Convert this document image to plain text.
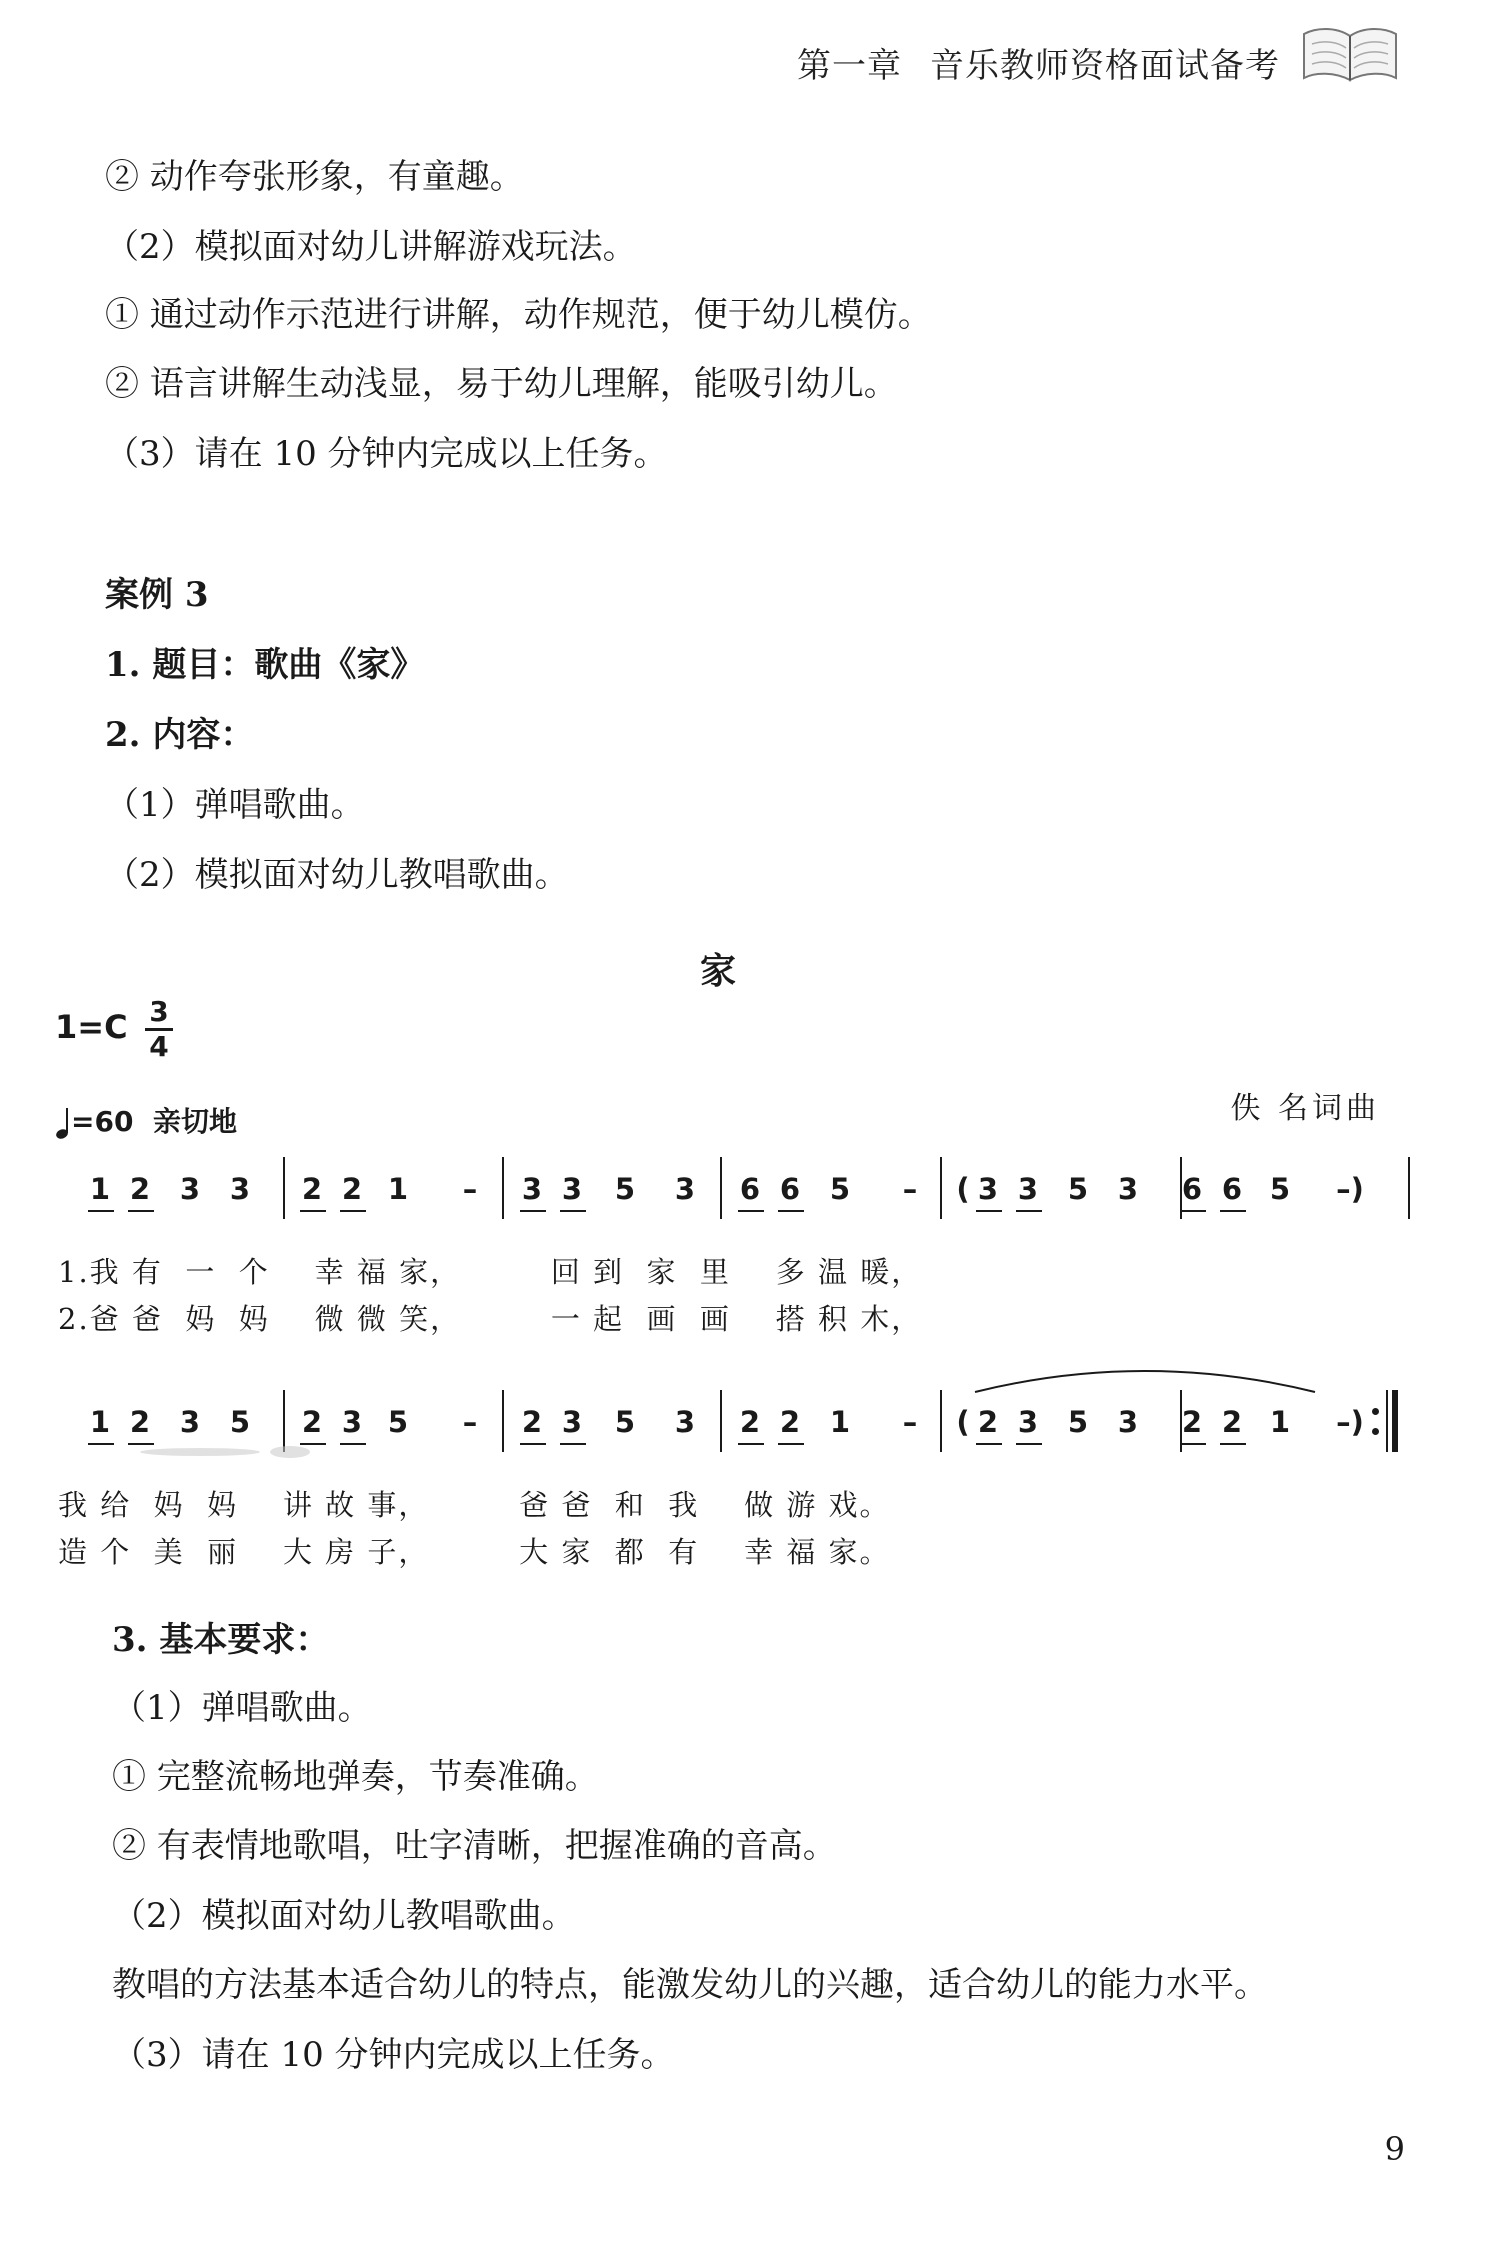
第一章 音乐教师资格面试备考
② 动作夸张形象，有童趣。
（2）模拟面对幼儿讲解游戏玩法。
① 通过动作示范进行讲解，动作规范，便于幼儿模仿。
② 语言讲解生动浅显，易于幼儿理解，能吸引幼儿。
（3）请在 10 分钟内完成以上任务。
案例 3
1. 题目：歌曲《家》
2. 内容：
（1）弹唱歌曲。
（2）模拟面对幼儿教唱歌曲。
家
1=C 3
4
=60 亲切地	佚 名词曲
1 2 3 3 2 2 1 – 3 3 5 3 6 6 5 – ( 3 3 5 3 6 6 5 –)
1.我 有  一  个    幸 福 家，        回 到  家  里    多 温 暖，
2.爸 爸  妈  妈    微 微 笑，        一 起  画  画    搭 积 木，
1 2 3 5 2 3 5 – 2 3 5 3 2 2 1 – ( 2 3 5 3 2 2 1 –)
我 给  妈  妈    讲 故 事，        爸 爸  和  我    做 游 戏。
造 个  美  丽    大 房 子，        大 家  都  有    幸 福 家。
3. 基本要求：
（1）弹唱歌曲。
① 完整流畅地弹奏，节奏准确。
② 有表情地歌唱，吐字清晰，把握准确的音高。
（2）模拟面对幼儿教唱歌曲。
教唱的方法基本适合幼儿的特点，能激发幼儿的兴趣，适合幼儿的能力水平。
（3）请在 10 分钟内完成以上任务。
9
